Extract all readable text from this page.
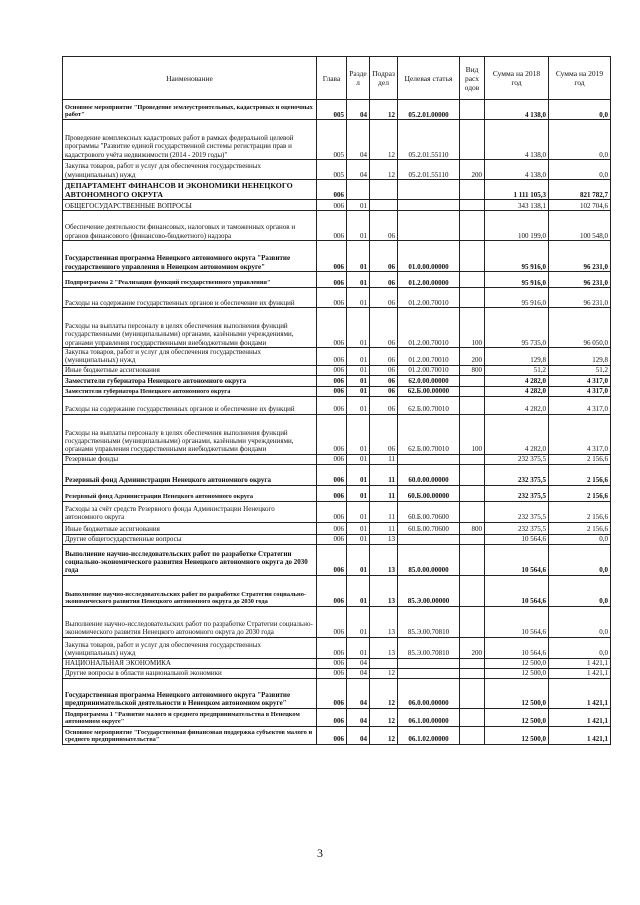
Наименование	Глава	Разде л	Подраз дел	Целевая статья	Вид расх одов	Сумма на 2018 год	Сумма на 2019 год
Основное мероприятие "Проведение землеустроительных, кадастровых и оценочных работ"	005	04	12	05.2.01.00000		4 138,0	0,0
Проведение комплексных кадастровых работ в рамках федеральной целевой программы "Развитие единой государственной системы регистрации прав и кадастрового учёта недвижимости (2014 - 2019 годы)"	005	04	12	05.2.01.55110		4 138,0	0,0
Закупка товаров, работ и услуг для обеспечения государственных (муниципальных) нужд	005	04	12	05.2.01.55110	200	4 138,0	0,0
ДЕПАРТАМЕНТ ФИНАНСОВ И ЭКОНОМИКИ НЕНЕЦКОГО АВТОНОМНОГО ОКРУГА	006					1 111 105,3	821 782,7
ОБЩЕГОСУДАРСТВЕННЫЕ ВОПРОСЫ	006	01				343 138,1	102 704,6
Обеспечение деятельности финансовых, налоговых и таможенных органов и органов финансового (финансово-бюджетного) надзора	006	01	06			100 199,0	100 548,0
Государственная программа Ненецкого автономного округа "Развитие государственного управления в Ненецком автономном округе"	006	01	06	01.0.00.00000		95 916,0	96 231,0
Подпрограмма 2 "Реализация функций государственного управления"	006	01	06	01.2.00.00000		95 916,0	96 231,0
Расходы на содержание государственных органов и обеспечение их функций	006	01	06	01.2.00.70010		95 916,0	96 231,0
Расходы на выплаты персоналу в целях обеспечения выполнения функций государственными (муниципальными) органами, казёнными учреждениями, органами управления государственными внебюджетными фондами	006	01	06	01.2.00.70010	100	95 735,0	96 050,0
Закупка товаров, работ и услуг для обеспечения государственных (муниципальных) нужд	006	01	06	01.2.00.70010	200	129,8	129,8
Иные бюджетные ассигнования	006	01	06	01.2.00.70010	800	51,2	51,2
Заместители губернатора Ненецкого автономного округа	006	01	06	62.0.00.00000		4 282,0	4 317,0
Заместители губернатора Ненецкого автономного округа	006	01	06	62.Б.00.00000		4 282,0	4 317,0
Расходы на содержание государственных органов и обеспечение их функций	006	01	06	62.Б.00.70010		4 282,0	4 317,0
Расходы на выплаты персоналу в целях обеспечения выполнения функций государственными (муниципальными) органами, казёнными учреждениями, органами управления государственными внебюджетными фондами	006	01	06	62.Б.00.70010	100	4 282,0	4 317,0
Резервные фонды	006	01	11			232 375,5	2 156,6
Резервный фонд Администрации Ненецкого автономного округа	006	01	11	60.0.00.00000		232 375,5	2 156,6
Резервный фонд Администрации Ненецкого автономного округа	006	01	11	60.Б.00.00000		232 375,5	2 156,6
Расходы за счёт средств Резервного фонда Администрации Ненецкого автономного округа	006	01	11	60.Б.00.70600		232 375,5	2 156,6
Иные бюджетные ассигнования	006	01	11	60.Б.00.70600	800	232 375,5	2 156,6
Другие общегосударственные вопросы	006	01	13			10 564,6	0,0
Выполнение научно-исследовательских работ по разработке Стратегии социально-экономического развития Ненецкого автономного округа до 2030 года	006	01	13	85.0.00.00000		10 564,6	0,0
Выполнение научно-исследовательских работ по разработке Стратегии социально-экономического развития Ненецкого автономного округа до 2030 года	006	01	13	85.Э.00.00000		10 564,6	0,0
Выполнение научно-исследовательских работ по разработке Стратегии социально-экономического развития Ненецкого автономного округа до 2030 года	006	01	13	85.Э.00.70810		10 564,6	0,0
Закупка товаров, работ и услуг для обеспечения государственных (муниципальных) нужд	006	01	13	85.Э.00.70810	200	10 564,6	0,0
НАЦИОНАЛЬНАЯ ЭКОНОМИКА	006	04				12 500,0	1 421,1
Другие вопросы в области национальной экономики	006	04	12			12 500,0	1 421,1
Государственная программа Ненецкого автономного округа "Развитие предпринимательской деятельности в Ненецком автономном округе"	006	04	12	06.0.00.00000		12 500,0	1 421,1
Подпрограмма 1 "Развитие малого и среднего предпринимательства в Ненецком автономном округе"	006	04	12	06.1.00.00000		12 500,0	1 421,1
Основное мероприятие "Государственная финансовая поддержка субъектов малого и среднего предпринимательства"	006	04	12	06.1.02.00000		12 500,0	1 421,1
3
